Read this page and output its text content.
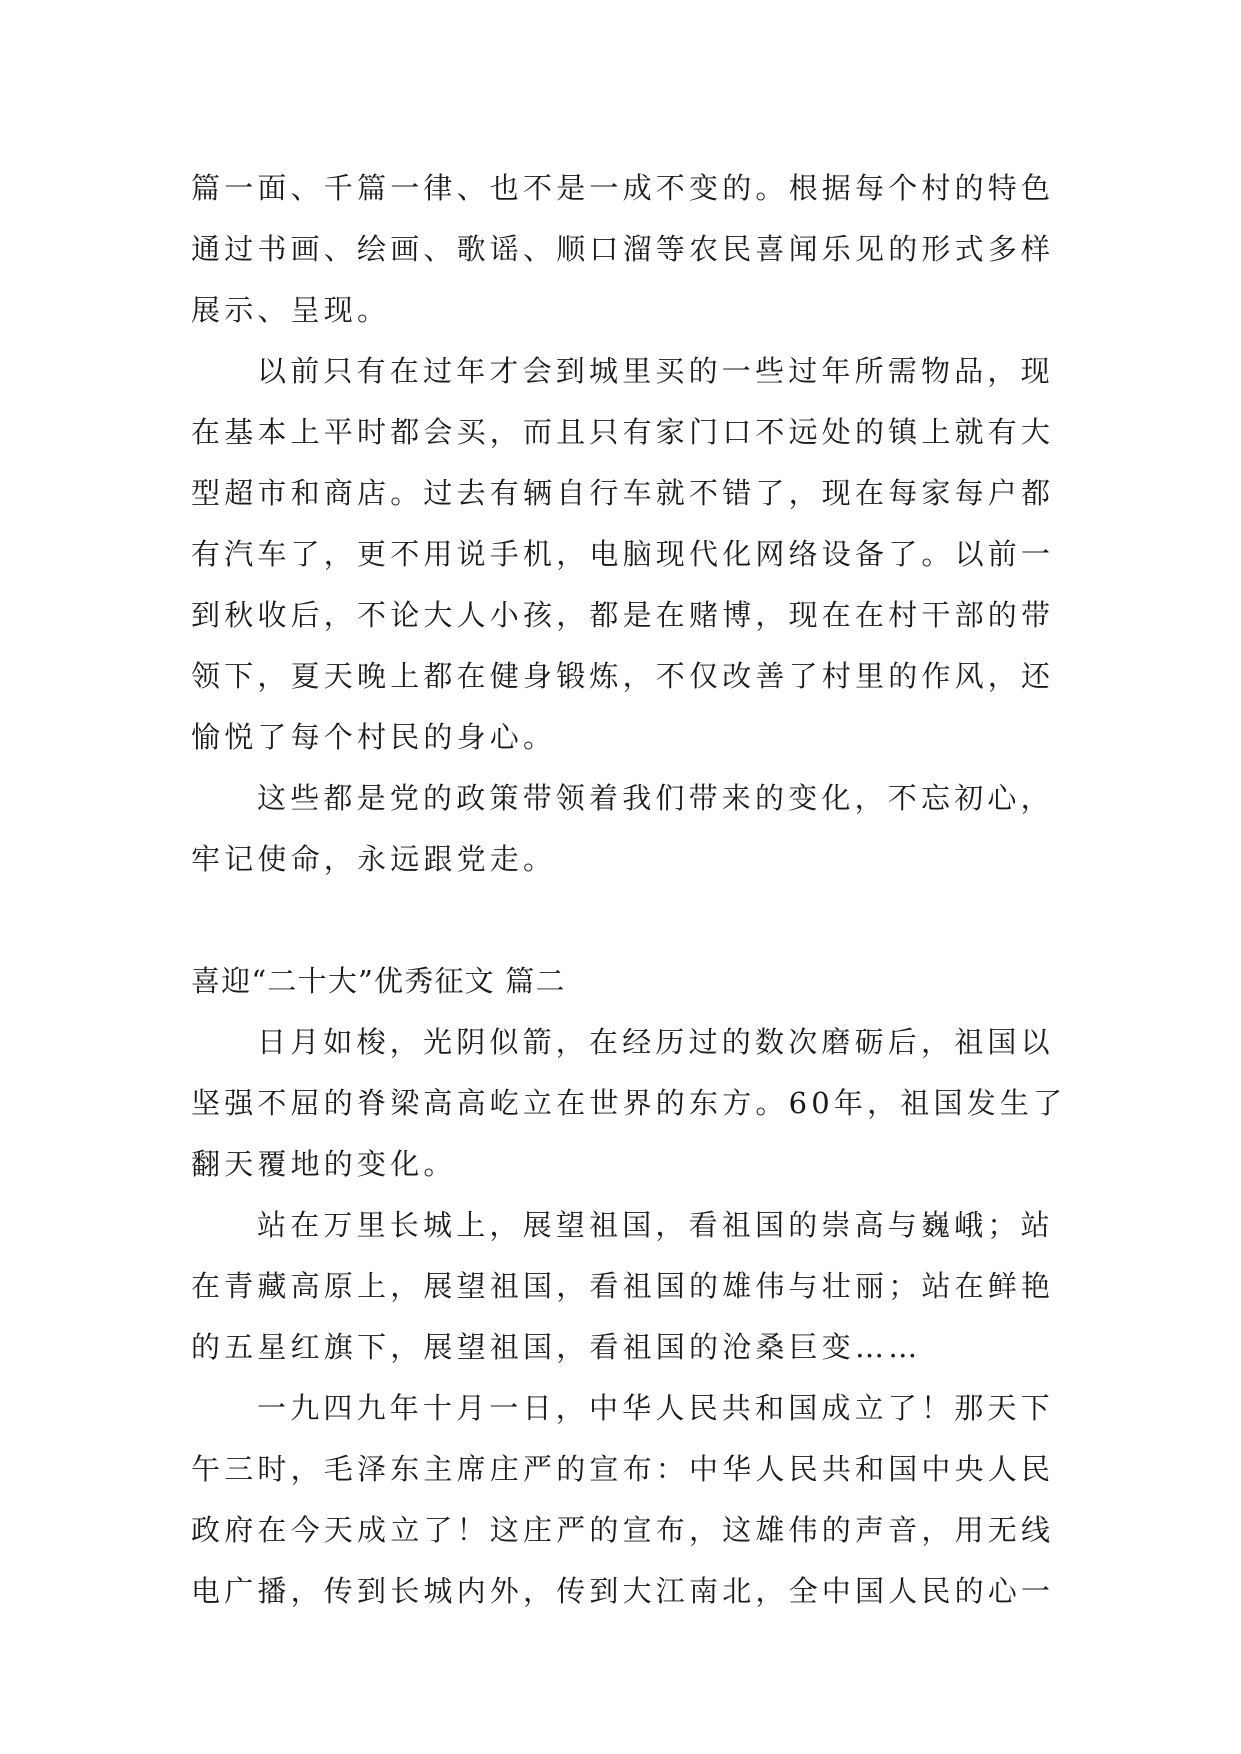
篇一面、千篇一律、也不是一成不变的。根据每个村的特色
通过书画、绘画、歌谣、顺口溜等农民喜闻乐见的形式多样
展示、呈现。
以前只有在过年才会到城里买的一些过年所需物品，现
在基本上平时都会买，而且只有家门口不远处的镇上就有大
型超市和商店。过去有辆自行车就不错了，现在每家每户都
有汽车了，更不用说手机，电脑现代化网络设备了。以前一
到秋收后，不论大人小孩，都是在赌博，现在在村干部的带
领下，夏天晚上都在健身锻炼，不仅改善了村里的作风，还
愉悦了每个村民的身心。
这些都是党的政策带领着我们带来的变化，不忘初心，
牢记使命，永远跟党走。
喜迎“二十大”优秀征文 篇二
日月如梭，光阴似箭，在经历过的数次磨砺后，祖国以
坚强不屈的脊梁高高屹立在世界的东方。60年，祖国发生了
翻天覆地的变化。
站在万里长城上，展望祖国，看祖国的崇高与巍峨；站
在青藏高原上，展望祖国，看祖国的雄伟与壮丽；站在鲜艳
的五星红旗下，展望祖国，看祖国的沧桑巨变……
一九四九年十月一日，中华人民共和国成立了！那天下
午三时，毛泽东主席庄严的宣布：中华人民共和国中央人民
政府在今天成立了！这庄严的宣布，这雄伟的声音，用无线
电广播，传到长城内外，传到大江南北，全中国人民的心一
